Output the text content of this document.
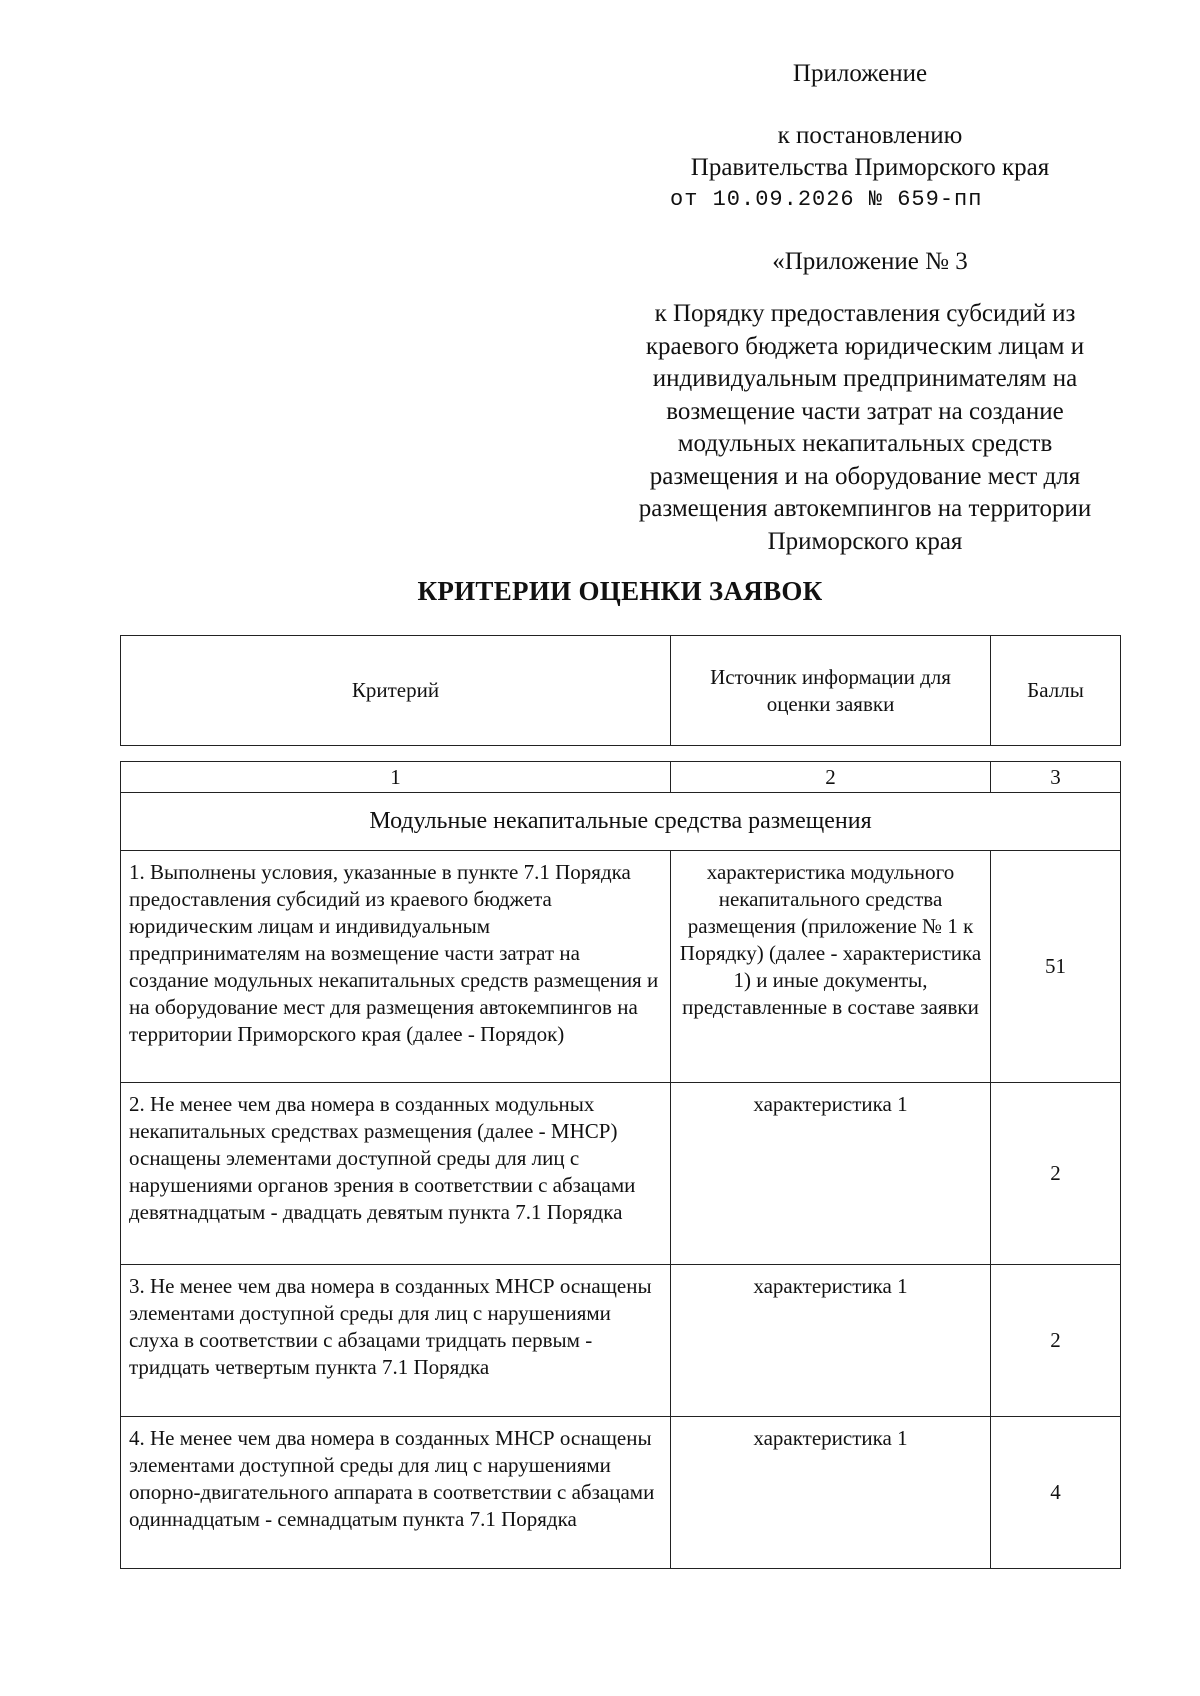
Приложение
к постановлению
Правительства Приморского края
от 10.09.2026 № 659-пп
«Приложение № 3
к Порядку предоставления субсидий из
краевого бюджета юридическим лицам и
индивидуальным предпринимателям на
возмещение части затрат на создание
модульных некапитальных средств
размещения и на оборудование мест для
размещения автокемпингов на территории
Приморского края
КРИТЕРИИ ОЦЕНКИ ЗАЯВОК
Критерий	Источник информации для оценки заявки	Баллы
1	2	3
Модульные некапитальные средства размещения		
1. Выполнены условия, указанные в пункте 7.1 Порядка предоставления субсидий из краевого бюджета юридическим лицам и индивидуальным предпринимателям на возмещение части затрат на создание модульных некапитальных средств размещения и на оборудование мест для размещения автокемпингов на территории Приморского края (далее - Порядок)	характеристика модульного некапитального средства размещения (приложение № 1 к Порядку) (далее - характеристика 1) и иные документы, представленные в составе заявки	51
2. Не менее чем два номера в созданных модульных некапитальных средствах размещения (далее - МНСР) оснащены элементами доступной среды для лиц с нарушениями органов зрения в соответствии с абзацами девятнадцатым - двадцать девятым пункта 7.1 Порядка	характеристика 1	2
3. Не менее чем два номера в созданных МНСР оснащены элементами доступной среды для лиц с нарушениями слуха в соответствии с абзацами тридцать первым - тридцать четвертым пункта 7.1 Порядка	характеристика 1	2
4. Не менее чем два номера в созданных МНСР оснащены элементами доступной среды для лиц с нарушениями опорно-двигательного аппарата в соответствии с абзацами одиннадцатым - семнадцатым пункта 7.1 Порядка	характеристика 1	4
